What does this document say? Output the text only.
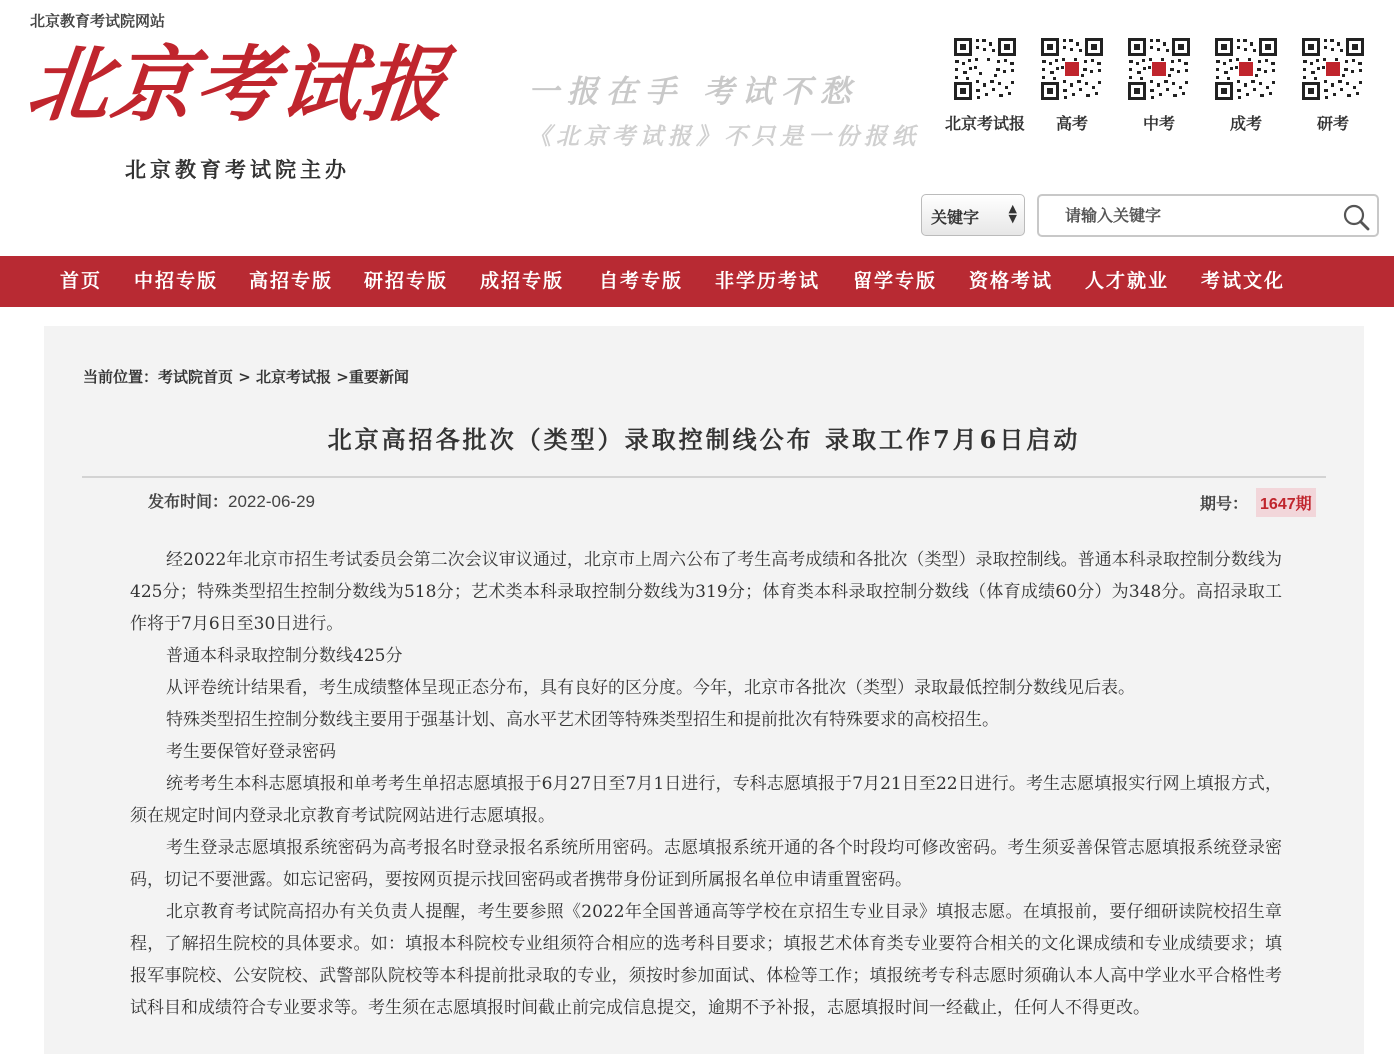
北京教育考试院网站
北京考试报
北京教育考试院主办
一报在手 考试不愁
《北京考试报》不只是一份报纸 北京考试报	高考	中考	成考	研考
关键字	▲
▼
请输入关键字
首页 中招专版 高招专版 研招专版 成招专版 自考专版 非学历考试 留学专版 资格考试 人才就业 考试文化
当前位置：考试院首页 > 北京考试报 >重要新闻
北京高招各批次（类型）录取控制线公布 录取工作7月6日启动
发布时间：2022-06-29	期号： 1647期

经2022年北京市招生考试委员会第二次会议审议通过，北京市上周六公布了考生高考成绩和各批次（类型）录取控制线。普通本科录取控制分数线为425分；特殊类型招生控制分数线为518分；艺术类本科录取控制分数线为319分；体育类本科录取控制分数线（体育成绩60分）为348分。高招录取工作将于7月6日至30日进行。

普通本科录取控制分数线425分

从评卷统计结果看，考生成绩整体呈现正态分布，具有良好的区分度。今年，北京市各批次（类型）录取最低控制分数线见后表。

特殊类型招生控制分数线主要用于强基计划、高水平艺术团等特殊类型招生和提前批次有特殊要求的高校招生。

考生要保管好登录密码

统考考生本科志愿填报和单考考生单招志愿填报于6月27日至7月1日进行，专科志愿填报于7月21日至22日进行。考生志愿填报实行网上填报方式，须在规定时间内登录北京教育考试院网站进行志愿填报。

考生登录志愿填报系统密码为高考报名时登录报名系统所用密码。志愿填报系统开通的各个时段均可修改密码。考生须妥善保管志愿填报系统登录密码，切记不要泄露。如忘记密码，要按网页提示找回密码或者携带身份证到所属报名单位申请重置密码。

北京教育考试院高招办有关负责人提醒，考生要参照《2022年全国普通高等学校在京招生专业目录》填报志愿。在填报前，要仔细研读院校招生章程，了解招生院校的具体要求。如：填报本科院校专业组须符合相应的选考科目要求；填报艺术体育类专业要符合相关的文化课成绩和专业成绩要求；填报军事院校、公安院校、武警部队院校等本科提前批录取的专业，须按时参加面试、体检等工作；填报统考专科志愿时须确认本人高中学业水平合格性考试科目和成绩符合专业要求等。考生须在志愿填报时间截止前完成信息提交，逾期不予补报，志愿填报时间一经截止，任何人不得更改。
